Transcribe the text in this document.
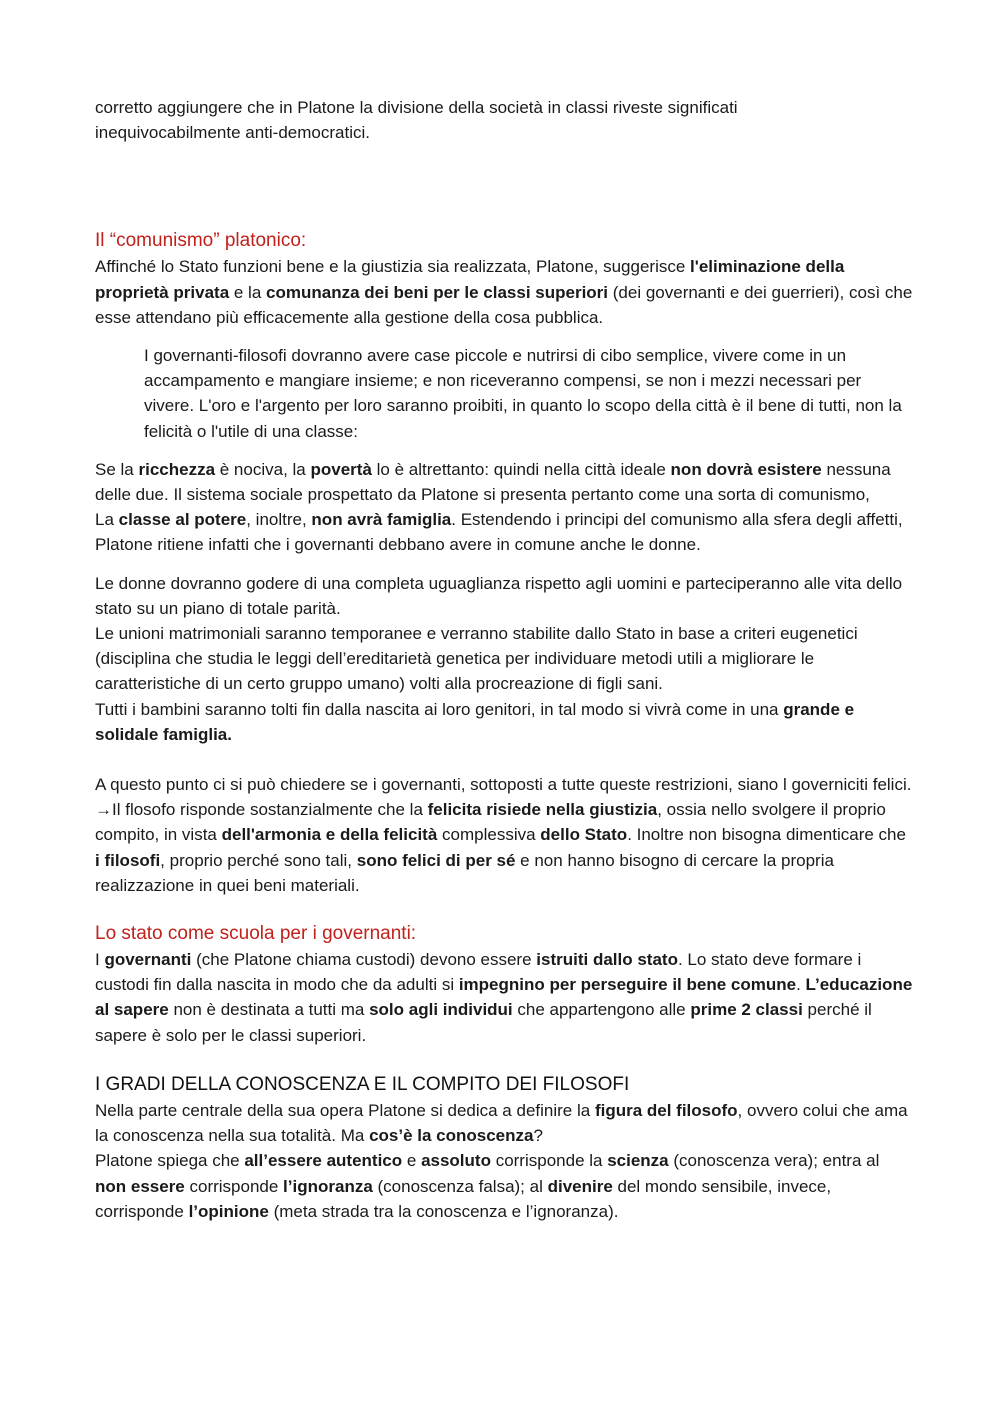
corretto aggiungere che in Platone la divisione della società in classi riveste significati
inequivocabilmente anti-democratici.

Il “comunismo” platonico:

Affinché lo Stato funzioni bene e la giustizia sia realizzata, Platone, suggerisce l'eliminazione della proprietà privata e la comunanza dei beni per le classi superiori (dei governanti e dei guerrieri), così che esse attendano più efficacemente alla gestione della cosa pubblica.

I governanti-filosofi dovranno avere case piccole e nutrirsi di cibo semplice, vivere come in un accampamento e mangiare insieme; e non riceveranno compensi, se non i mezzi necessari per vivere. L'oro e l'argento per loro saranno proibiti, in quanto lo scopo della città è il bene di tutti, non la felicità o l'utile di una classe:

Se la ricchezza è nociva, la povertà lo è altrettanto: quindi nella città ideale non dovrà esistere nessuna delle due. Il sistema sociale prospettato da Platone si presenta pertanto come una sorta di comunismo,

La classe al potere, inoltre, non avrà famiglia. Estendendo i principi del comunismo alla sfera degli affetti, Platone ritiene infatti che i governanti debbano avere in comune anche le donne.

Le donne dovranno godere di una completa uguaglianza rispetto agli uomini e parteciperanno alle vita dello stato su un piano di totale parità.

Le unioni matrimoniali saranno temporanee e verranno stabilite dallo Stato in base a criteri eugenetici (disciplina che studia le leggi dell’ereditarietà genetica per individuare metodi utili a migliorare le caratteristiche di un certo gruppo umano) volti alla procreazione di figli sani.

Tutti i bambini saranno tolti fin dalla nascita ai loro genitori, in tal modo si vivrà come in una grande e solidale famiglia.

A questo punto ci si può chiedere se i governanti, sottoposti a tutte queste restrizioni, siano l governiciti felici. →Il flosofo risponde sostanzialmente che la felicita risiede nella giustizia, ossia nello svolgere il proprio compito, in vista dell'armonia e della felicità complessiva dello Stato. Inoltre non bisogna dimenticare che i filosofi, proprio perché sono tali, sono felici di per sé e non hanno bisogno di cercare la propria realizzazione in quei beni materiali.

Lo stato come scuola per i governanti:

I governanti (che Platone chiama custodi) devono essere istruiti dallo stato. Lo stato deve formare i custodi fin dalla nascita in modo che da adulti si impegnino per perseguire il bene comune. L’educazione al sapere non è destinata a tutti ma solo agli individui che appartengono alle prime 2 classi perché il sapere è solo per le classi superiori.

I GRADI DELLA CONOSCENZA E IL COMPITO DEI FILOSOFI

Nella parte centrale della sua opera Platone si dedica a definire la figura del filosofo, ovvero colui che ama la conoscenza nella sua totalità. Ma cos’è la conoscenza?

Platone spiega che all’essere autentico e assoluto corrisponde la scienza (conoscenza vera); entra al non essere corrisponde l’ignoranza (conoscenza falsa); al divenire del mondo sensibile, invece, corrisponde l’opinione (meta strada tra la conoscenza e l’ignoranza).
